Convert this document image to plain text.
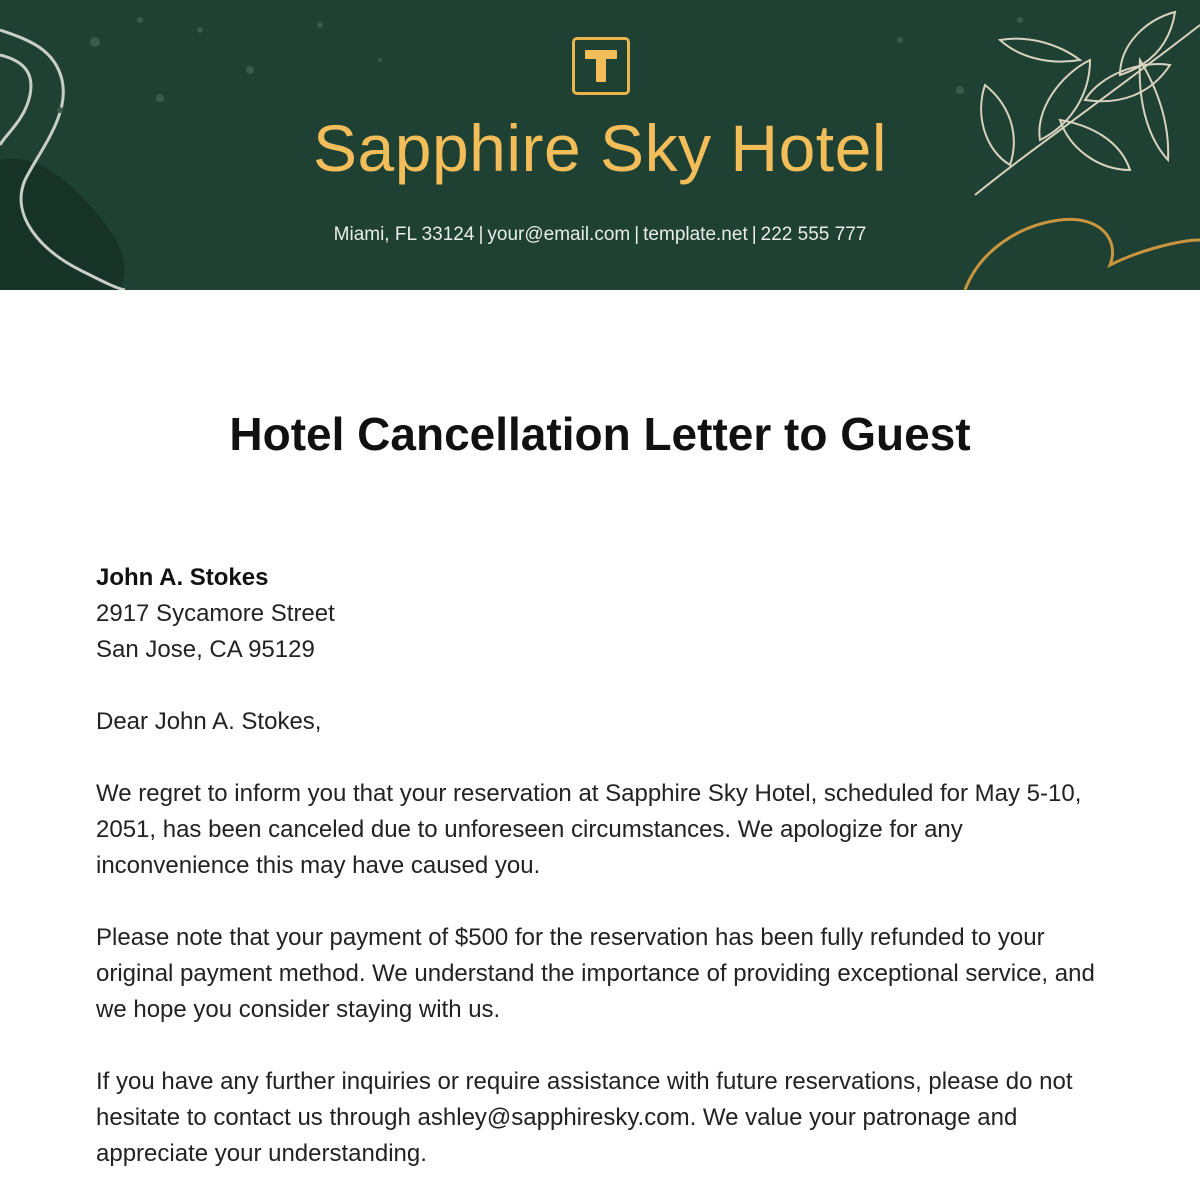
Sapphire Sky Hotel
Miami, FL 33124 | your@email.com | template.net | 222 555 777
Hotel Cancellation Letter to Guest
John A. Stokes
2917 Sycamore Street
San Jose, CA 95129

Dear John A. Stokes,

We regret to inform you that your reservation at Sapphire Sky Hotel, scheduled for May 5-10, 2051, has been canceled due to unforeseen circumstances. We apologize for any inconvenience this may have caused you.

Please note that your payment of $500 for the reservation has been fully refunded to your original payment method. We understand the importance of providing exceptional service, and we hope you consider staying with us.

If you have any further inquiries or require assistance with future reservations, please do not hesitate to contact us through ashley@sapphiresky.com. We value your patronage and appreciate your understanding.
